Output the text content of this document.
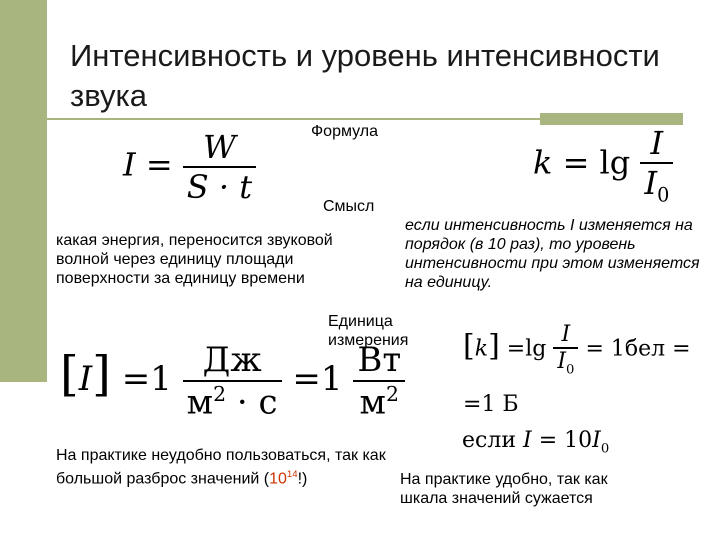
Интенсивность и уровень интенсивности звука
Формула
Смысл
Единица измерения
$I = \frac{W}{S \cdot t}$	$k = \lg \frac{I}{I_0}$
какая энергия, переносится звуковой волной через единицу площади поверхности за единицу времени
если интенсивность I изменяется на порядок (в 10 раз), то уровень интенсивности при этом изменяется на единицу.
$[I] =1 \frac{Дж}{м^2 \cdot с} =1 \frac{Вт}{м^2} [k] =\lg \frac{I}{I_0} = 1бел$ =
=1 Б
если $I = 10I_0$
На практике неудобно пользоваться, так как большой разброс значений $(10^{14}!)$	На практике удобно, так как шкала значений сужается
